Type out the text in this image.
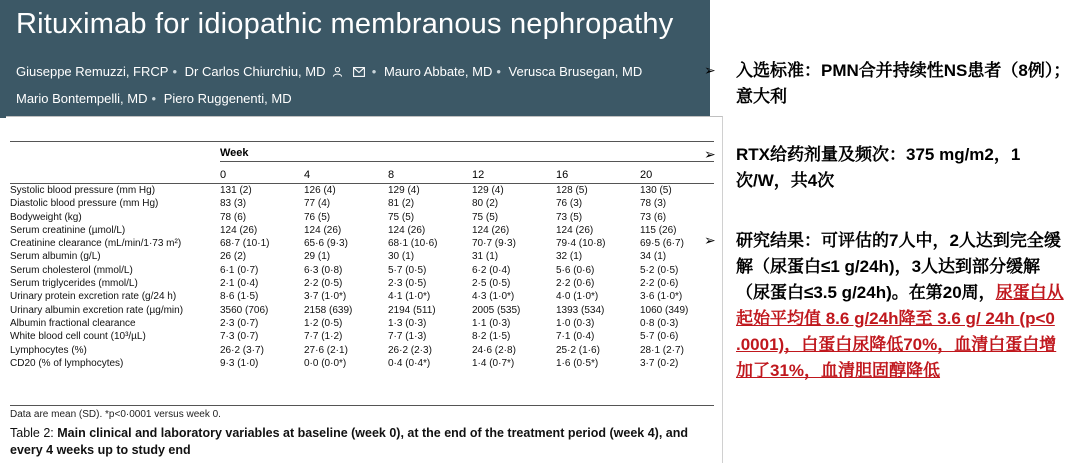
Rituximab for idiopathic membranous nephropathy
Giuseppe Remuzzi, FRCP • Dr Carlos Chiurchiu, MD	• Mauro Abbate, MD • Verusca Brusegan, MD
Mario Bontempelli, MD • Piero Ruggenenti, MD
Week
0	4	8	12	16	20
Systolic blood pressure (mm Hg)	131 (2)	126 (4)	129 (4)	129 (4)	128 (5)	130 (5)
Diastolic blood pressure (mm Hg)	83 (3)	77 (4)	81 (2)	80 (2)	76 (3)	78 (3)
Bodyweight (kg)	78 (6)	76 (5)	75 (5)	75 (5)	73 (5)	73 (6)
Serum creatinine (µmol/L)	124 (26)	124 (26)	124 (26)	124 (26)	124 (26)	115 (26)
Creatinine clearance (mL/min/1·73 m²)	68·7 (10·1)	65·6 (9·3)	68·1 (10·6)	70·7 (9·3)	79·4 (10·8)	69·5 (6·7)
Serum albumin (g/L)	26 (2)	29 (1)	30 (1)	31 (1)	32 (1)	34 (1)
Serum cholesterol (mmol/L)	6·1 (0·7)	6·3 (0·8)	5·7 (0·5)	6·2 (0·4)	5·6 (0·6)	5·2 (0·5)
Serum triglycerides (mmol/L)	2·1 (0·4)	2·2 (0·5)	2·3 (0·5)	2·5 (0·5)	2·2 (0·6)	2·2 (0·6)
Urinary protein excretion rate (g/24 h)	8·6 (1·5)	3·7 (1·0*)	4·1 (1·0*)	4·3 (1·0*)	4·0 (1·0*)	3·6 (1·0*)
Urinary albumin excretion rate (µg/min)	3560 (706)	2158 (639)	2194 (511)	2005 (535)	1393 (534)	1060 (349)
Albumin fractional clearance	2·3 (0·7)	1·2 (0·5)	1·3 (0·3)	1·1 (0·3)	1·0 (0·3)	0·8 (0·3)
White blood cell count (10³/µL)	7·3 (0·7)	7·7 (1·2)	7·7 (1·3)	8·2 (1·5)	7·1 (0·4)	5·7 (0·6)
Lymphocytes (%)	26·2 (3·7)	27·6 (2·1)	26·2 (2·3)	24·6 (2·8)	25·2 (1·6)	28·1 (2·7)
CD20 (% of lymphocytes)	9·3 (1·0)	0·0 (0·0*)	0·4 (0·4*)	1·4 (0·7*)	1·6 (0·5*)	3·7 (0·2)
Data are mean (SD). *p<0·0001 versus week 0.
Table 2: Main clinical and laboratory variables at baseline (week 0), at the end of the treatment period (week 4), and every 4 weeks up to study end
➢ 入选标准：PMN合并持续性NS患者（8例）；意大利
➢ RTX给药剂量及频次：375 mg/m2，1次/W，共4次
➢ 研究结果：可评估的7人中，2人达到完全缓解（尿蛋白≤1 g/24h)，3人达到部分缓解（尿蛋白≤3.5 g/24h)。在第20周，尿蛋白从起始平均值 8.6 g/24h降至 3.6 g/ 24h (p<0 .0001)，白蛋白尿降低70%，血清白蛋白增加了31%，血清胆固醇降低
